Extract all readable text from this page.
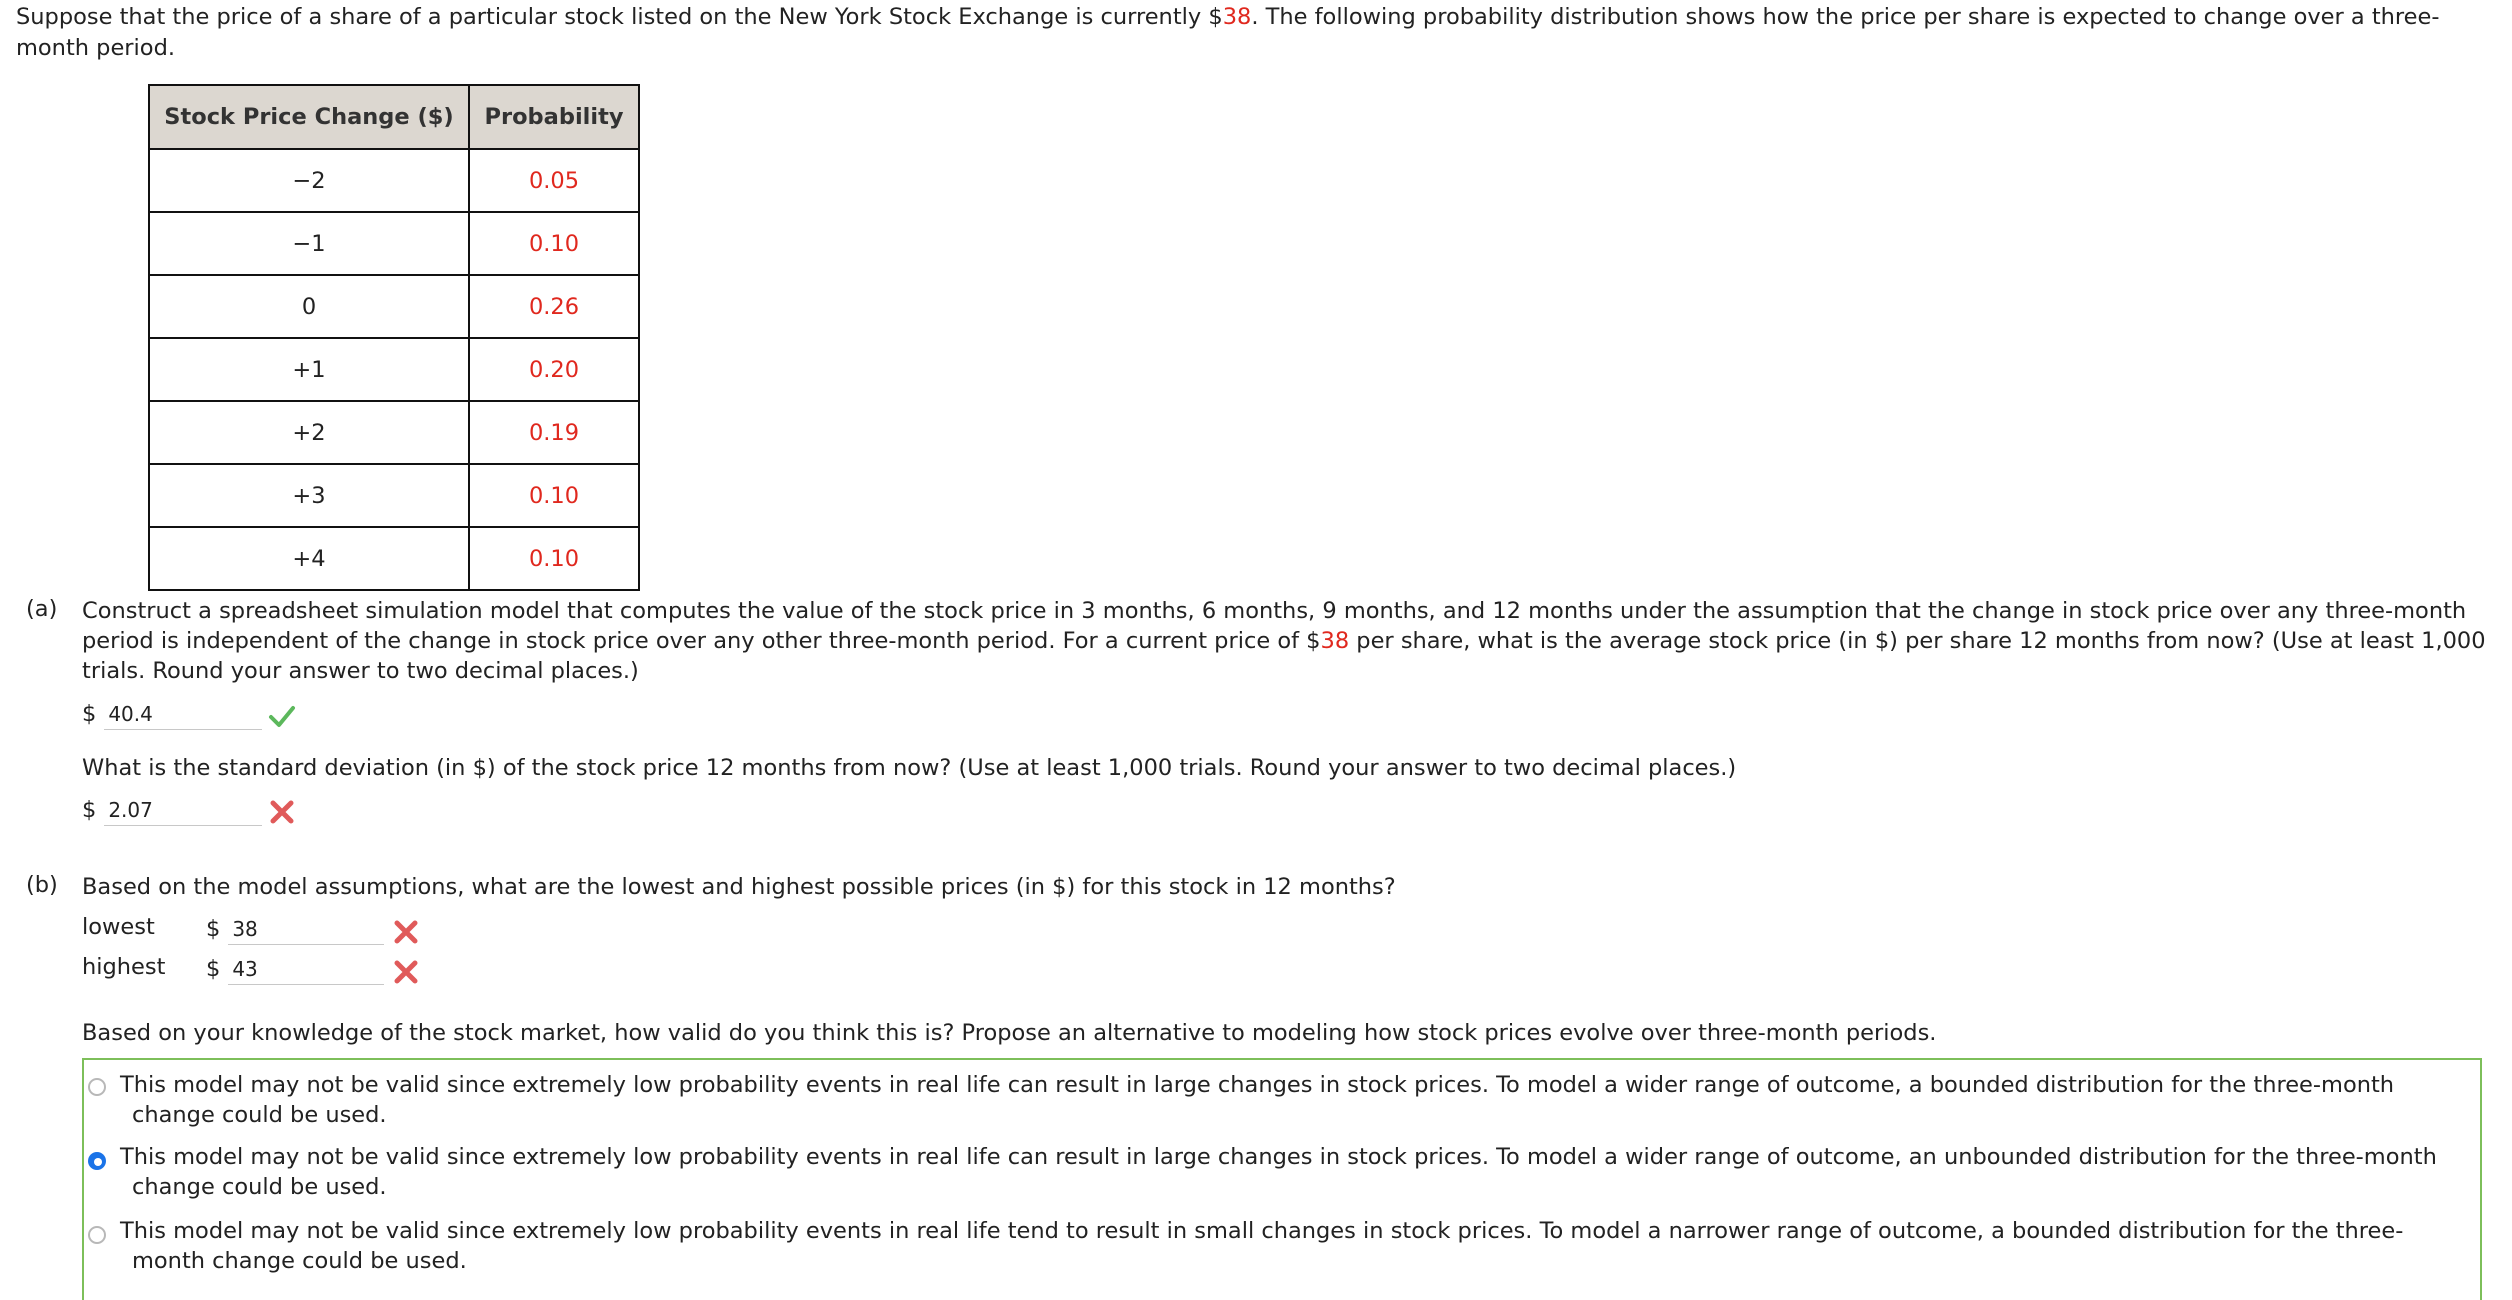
Suppose that the price of a share of a particular stock listed on the New York Stock Exchange is currently $38. The following probability distribution shows how the price per share is expected to change over a three-month period.
Stock Price Change ($)	Probability
−2	0.05
−1	0.10
0	0.26
+1	0.20
+2	0.19
+3	0.10
+4	0.10
(a) Construct a spreadsheet simulation model that computes the value of the stock price in 3 months, 6 months, 9 months, and 12 months under the assumption that the change in stock price over any three-month period is independent of the change in stock price over any other three-month period. For a current price of $38 per share, what is the average stock price (in $) per share 12 months from now? (Use at least 1,000 trials. Round your answer to two decimal places.)
$
40.4
What is the standard deviation (in $) of the stock price 12 months from now? (Use at least 1,000 trials. Round your answer to two decimal places.)
$
2.07
(b) Based on the model assumptions, what are the lowest and highest possible prices (in $) for this stock in 12 months?
lowest $
38
highest $
43
Based on your knowledge of the stock market, how valid do you think this is? Propose an alternative to modeling how stock prices evolve over three-month periods.
This model may not be valid since extremely low probability events in real life can result in large changes in stock prices. To model a wider range of outcome, a bounded distribution for the three-month change could be used.
This model may not be valid since extremely low probability events in real life can result in large changes in stock prices. To model a wider range of outcome, an unbounded distribution for the three-month change could be used.
This model may not be valid since extremely low probability events in real life tend to result in small changes in stock prices. To model a narrower range of outcome, a bounded distribution for the three-month change could be used.
